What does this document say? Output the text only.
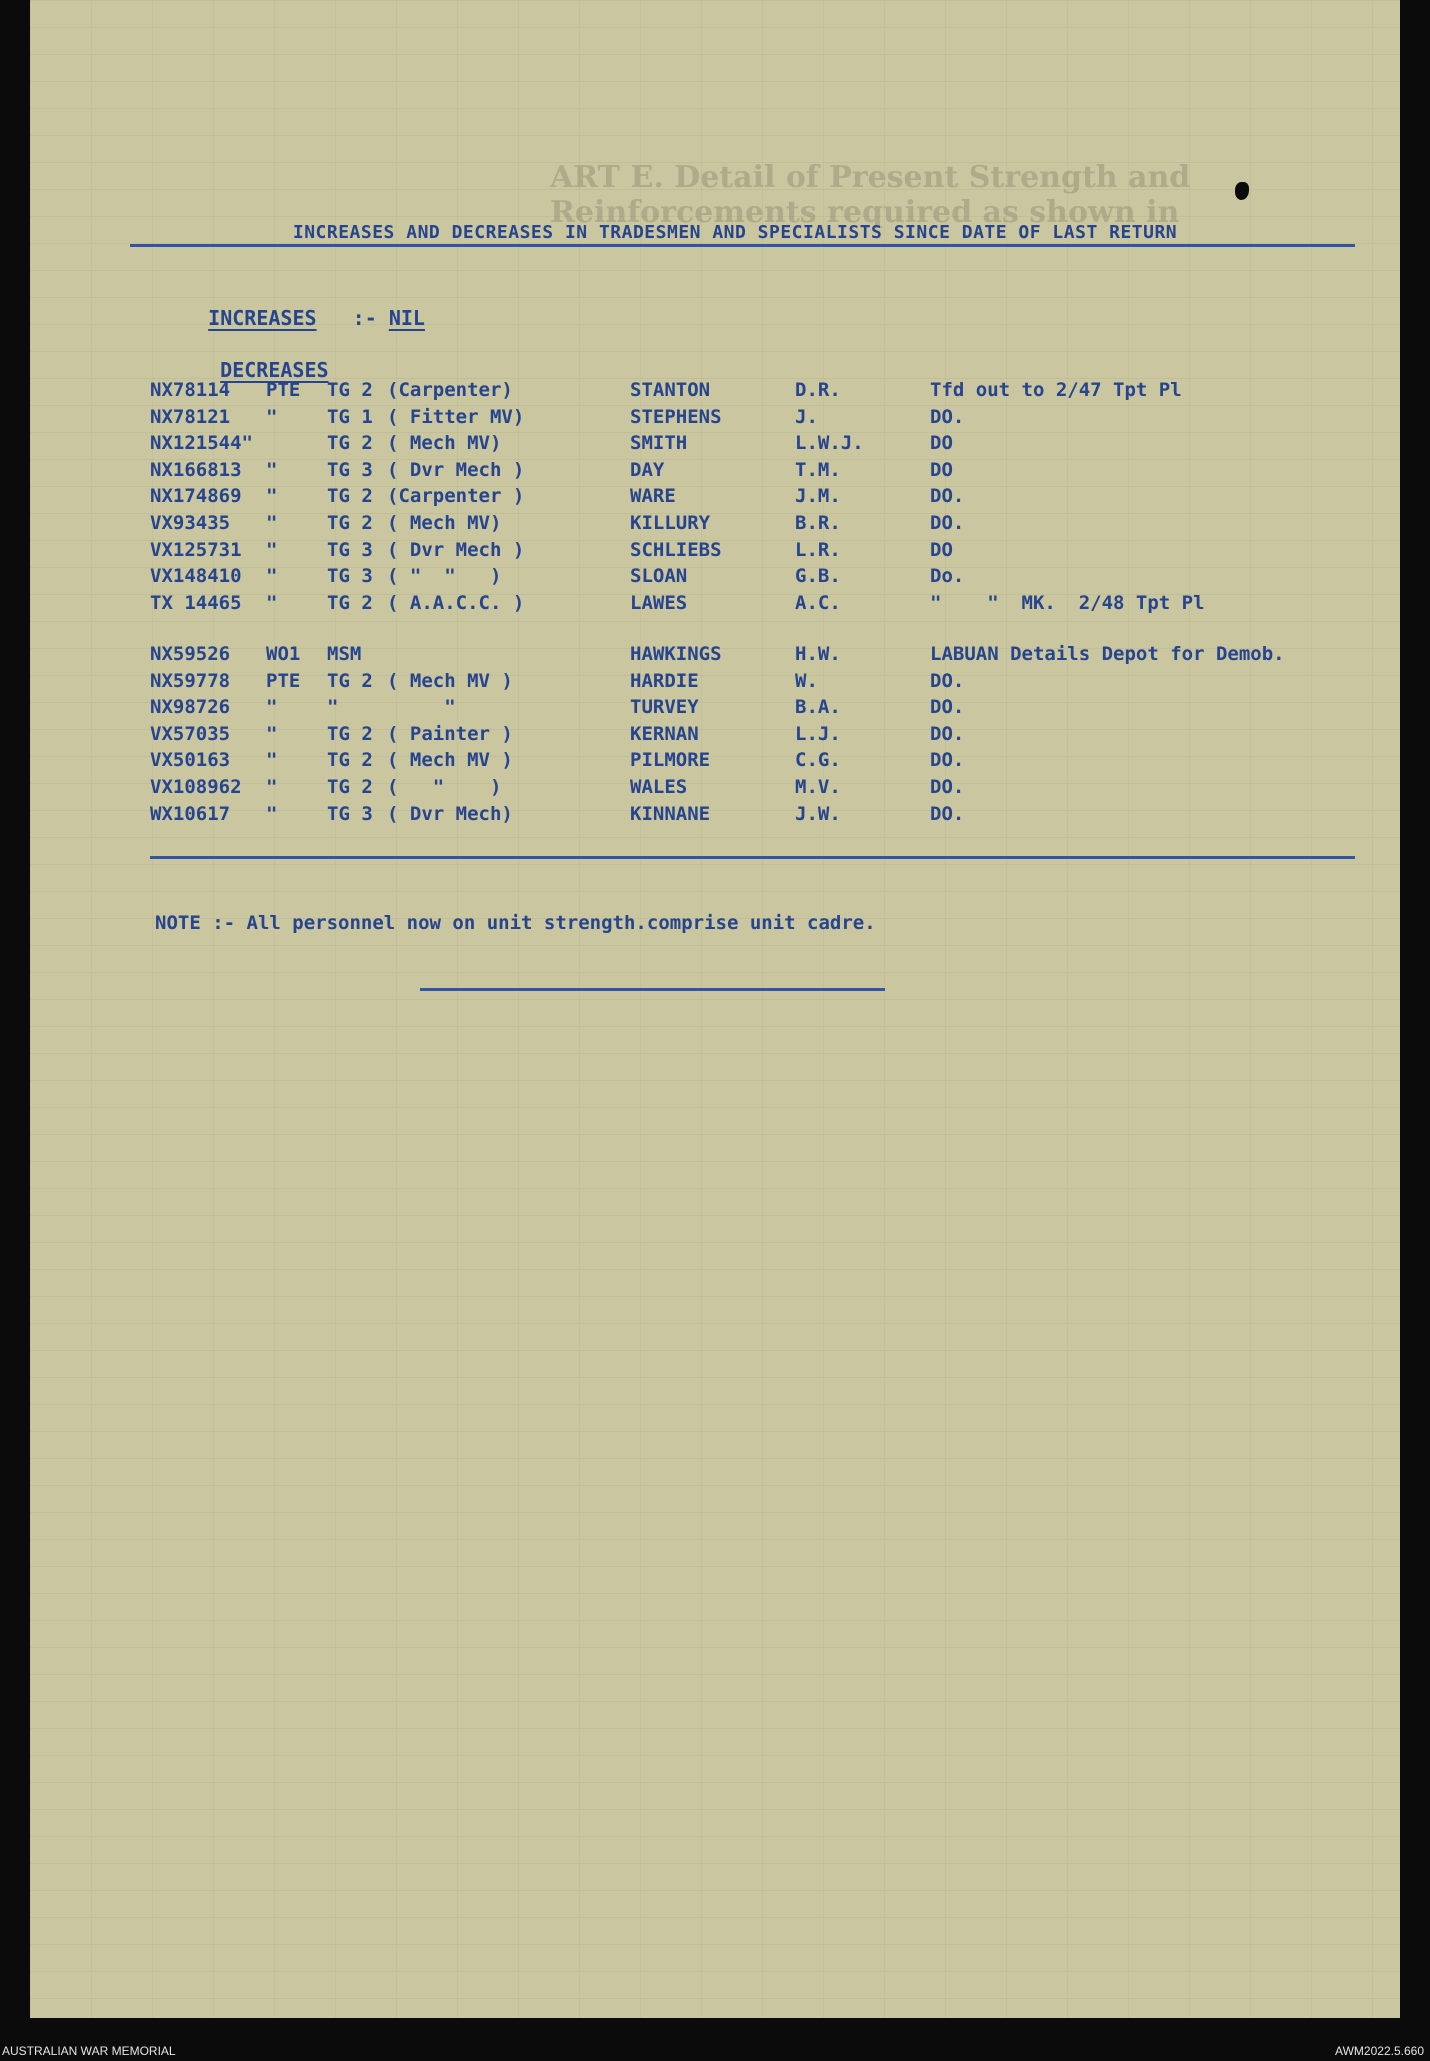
ART E. Detail of Present Strength and Reinforcements required as shown in
INCREASES AND DECREASES IN TRADESMEN AND SPECIALISTS SINCE DATE OF LAST RETURN

INCREASES :- NIL

DECREASES

NX78114 PTE TG 2 (Carpenter)	STANTON	D.R.	Tfd out to 2/47 Tpt Pl
NX78121 "	TG 1 ( Fitter MV)	STEPHENS	J.	DO.
NX121544"	TG 2 ( Mech MV)	SMITH	L.W.J.	DO
NX166813 "	TG 3 ( Dvr Mech )	DAY	T.M.	DO
NX174869 "	TG 2 (Carpenter )	WARE	J.M.	DO.
VX93435 "	TG 2 ( Mech MV)	KILLURY	B.R.	DO.
VX125731 "	TG 3 ( Dvr Mech )	SCHLIEBS	L.R.	DO
VX148410 "	TG 3 ( "  "   )	SLOAN	G.B.	Do.
TX 14465 "	TG 2 ( A.A.C.C. )	LAWES	A.C.	"    "  MK.  2/48 Tpt Pl
NX59526 WO1 MSM	HAWKINGS	H.W.	LABUAN Details Depot for Demob.
NX59778 PTE TG 2 ( Mech MV )	HARDIE	W.	DO.
NX98726 "	"	"	TURVEY	B.A.	DO.
VX57035 "	TG 2 ( Painter )	KERNAN	L.J.	DO.
VX50163 "	TG 2 ( Mech MV )	PILMORE	C.G.	DO.
VX108962 "	TG 2 (   "    )	WALES	M.V.	DO.
WX10617 "	TG 3 ( Dvr Mech)	KINNANE	J.W.	DO.
NOTE :- All personnel now on unit strength.comprise unit cadre.
AUSTRALIAN WAR MEMORIAL	AWM2022.5.660
